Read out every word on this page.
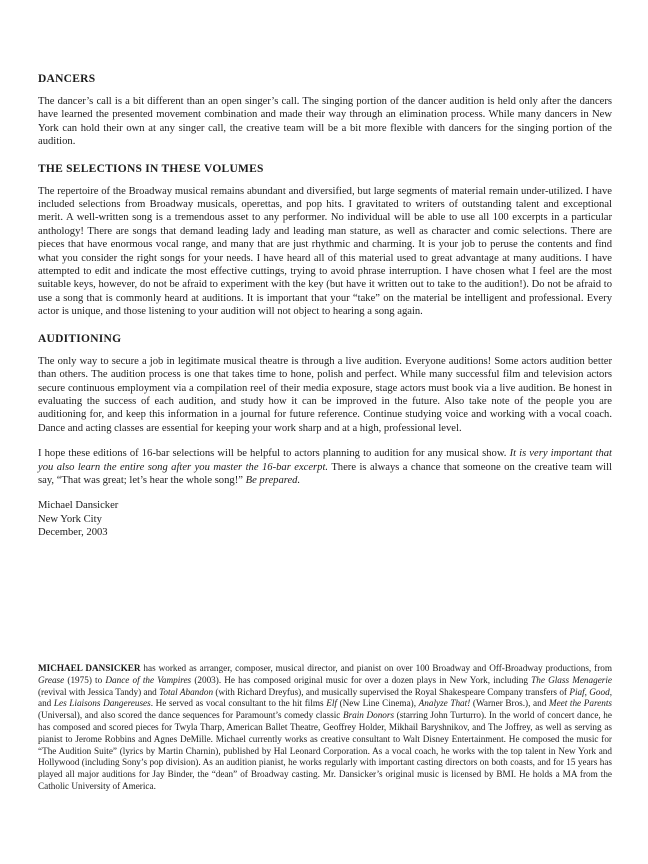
DANCERS

The dancer’s call is a bit different than an open singer’s call. The singing portion of the dancer audition is held only after the dancers have learned the presented movement combination and made their way through an elimination process. While many dancers in New York can hold their own at any singer call, the creative team will be a bit more flexible with dancers for the singing portion of the audition.

THE SELECTIONS IN THESE VOLUMES

The repertoire of the Broadway musical remains abundant and diversified, but large segments of material remain under-utilized. I have included selections from Broadway musicals, operettas, and pop hits. I gravitated to writers of outstanding talent and exceptional merit. A well-written song is a tremendous asset to any performer. No individual will be able to use all 100 excerpts in a particular anthology! There are songs that demand leading lady and leading man stature, as well as character and comic selections. There are pieces that have enormous vocal range, and many that are just rhythmic and charming. It is your job to peruse the contents and find what you consider the right songs for your needs. I have heard all of this material used to great advantage at many auditions. I have attempted to edit and indicate the most effective cuttings, trying to avoid phrase interruption. I have chosen what I feel are the most suitable keys, however, do not be afraid to experiment with the key (but have it written out to take to the audition!). Do not be afraid to use a song that is commonly heard at auditions. It is important that your “take” on the material be intelligent and professional. Every actor is unique, and those listening to your audition will not object to hearing a song again.

AUDITIONING

The only way to secure a job in legitimate musical theatre is through a live audition. Everyone auditions! Some actors audition better than others. The audition process is one that takes time to hone, polish and perfect. While many successful film and television actors secure continuous employment via a compilation reel of their media exposure, stage actors must book via a live audition. Be honest in evaluating the success of each audition, and study how it can be improved in the future. Also take note of the people you are auditioning for, and keep this information in a journal for future reference. Continue studying voice and working with a vocal coach. Dance and acting classes are essential for keeping your work sharp and at a high, professional level.

I hope these editions of 16-bar selections will be helpful to actors planning to audition for any musical show. It is very important that you also learn the entire song after you master the 16-bar excerpt. There is always a chance that someone on the creative team will say, “That was great; let’s hear the whole song!” Be prepared.

Michael Dansicker
New York City
December, 2003

MICHAEL DANSICKER has worked as arranger, composer, musical director, and pianist on over 100 Broadway and Off-Broadway productions, from Grease (1975) to Dance of the Vampires (2003). He has composed original music for over a dozen plays in New York, including The Glass Menagerie (revival with Jessica Tandy) and Total Abandon (with Richard Dreyfus), and musically supervised the Royal Shakespeare Company transfers of Piaf, Good, and Les Liaisons Dangereuses. He served as vocal consultant to the hit films Elf (New Line Cinema), Analyze That! (Warner Bros.), and Meet the Parents (Universal), and also scored the dance sequences for Paramount’s comedy classic Brain Donors (starring John Turturro). In the world of concert dance, he has composed and scored pieces for Twyla Tharp, American Ballet Theatre, Geoffrey Holder, Mikhail Baryshnikov, and The Joffrey, as well as serving as pianist to Jerome Robbins and Agnes DeMille. Michael currently works as creative consultant to Walt Disney Entertainment. He composed the music for “The Audition Suite” (lyrics by Martin Charnin), published by Hal Leonard Corporation. As a vocal coach, he works with the top talent in New York and Hollywood (including Sony’s pop division). As an audition pianist, he works regularly with important casting directors on both coasts, and for 15 years has played all major auditions for Jay Binder, the “dean” of Broadway casting. Mr. Dansicker’s original music is licensed by BMI. He holds a MA from the Catholic University of America.
